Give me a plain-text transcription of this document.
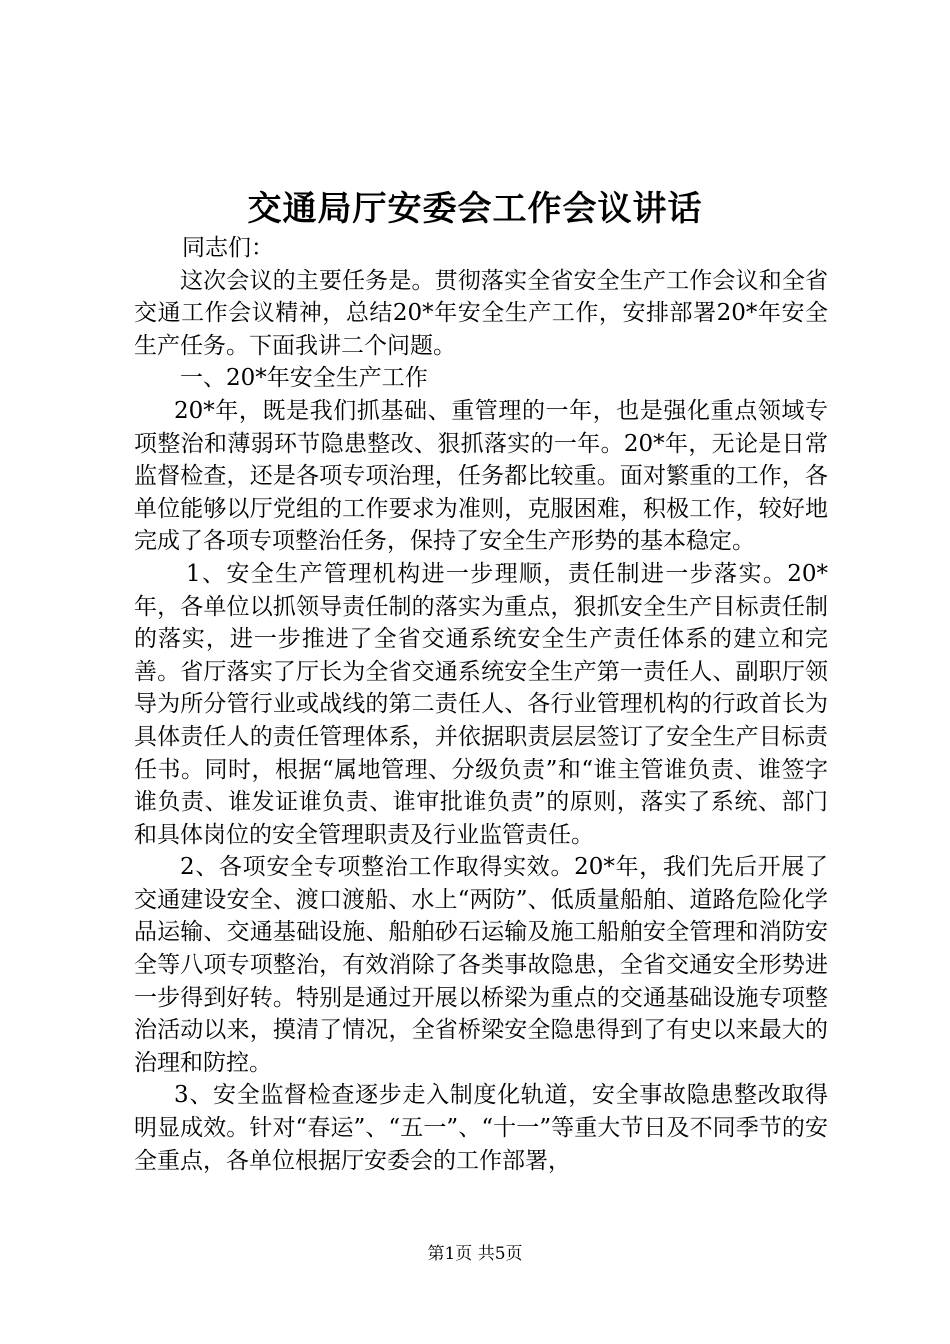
交通局厅安委会工作会议讲话

同志们：

这次会议的主要任务是。贯彻落实全省安全生产工作会议和全省交通工作会议精神，总结20*年安全生产工作，安排部署20*年安全生产任务。下面我讲二个问题。

一、20*年安全生产工作

20*年，既是我们抓基础、重管理的一年，也是强化重点领域专项整治和薄弱环节隐患整改、狠抓落实的一年。20*年，无论是日常监督检查，还是各项专项治理，任务都比较重。面对繁重的工作，各单位能够以厅党组的工作要求为准则，克服困难，积极工作，较好地完成了各项专项整治任务，保持了安全生产形势的基本稳定。

1、安全生产管理机构进一步理顺，责任制进一步落实。20*年，各单位以抓领导责任制的落实为重点，狠抓安全生产目标责任制的落实，进一步推进了全省交通系统安全生产责任体系的建立和完善。省厅落实了厅长为全省交通系统安全生产第一责任人、副职厅领导为所分管行业或战线的第二责任人、各行业管理机构的行政首长为具体责任人的责任管理体系，并依据职责层层签订了安全生产目标责任书。同时，根据“属地管理、分级负责”和“谁主管谁负责、谁签字谁负责、谁发证谁负责、谁审批谁负责”的原则，落实了系统、部门和具体岗位的安全管理职责及行业监管责任。

2、各项安全专项整治工作取得实效。20*年，我们先后开展了交通建设安全、渡口渡船、水上“两防”、低质量船舶、道路危险化学品运输、交通基础设施、船舶砂石运输及施工船舶安全管理和消防安全等八项专项整治，有效消除了各类事故隐患，全省交通安全形势进一步得到好转。特别是通过开展以桥梁为重点的交通基础设施专项整治活动以来，摸清了情况，全省桥梁安全隐患得到了有史以来最大的治理和防控。

3、安全监督检查逐步走入制度化轨道，安全事故隐患整改取得明显成效。针对“春运”、“五一”、“十一”等重大节日及不同季节的安全重点，各单位根据厅安委会的工作部署，

第1页 共5页
